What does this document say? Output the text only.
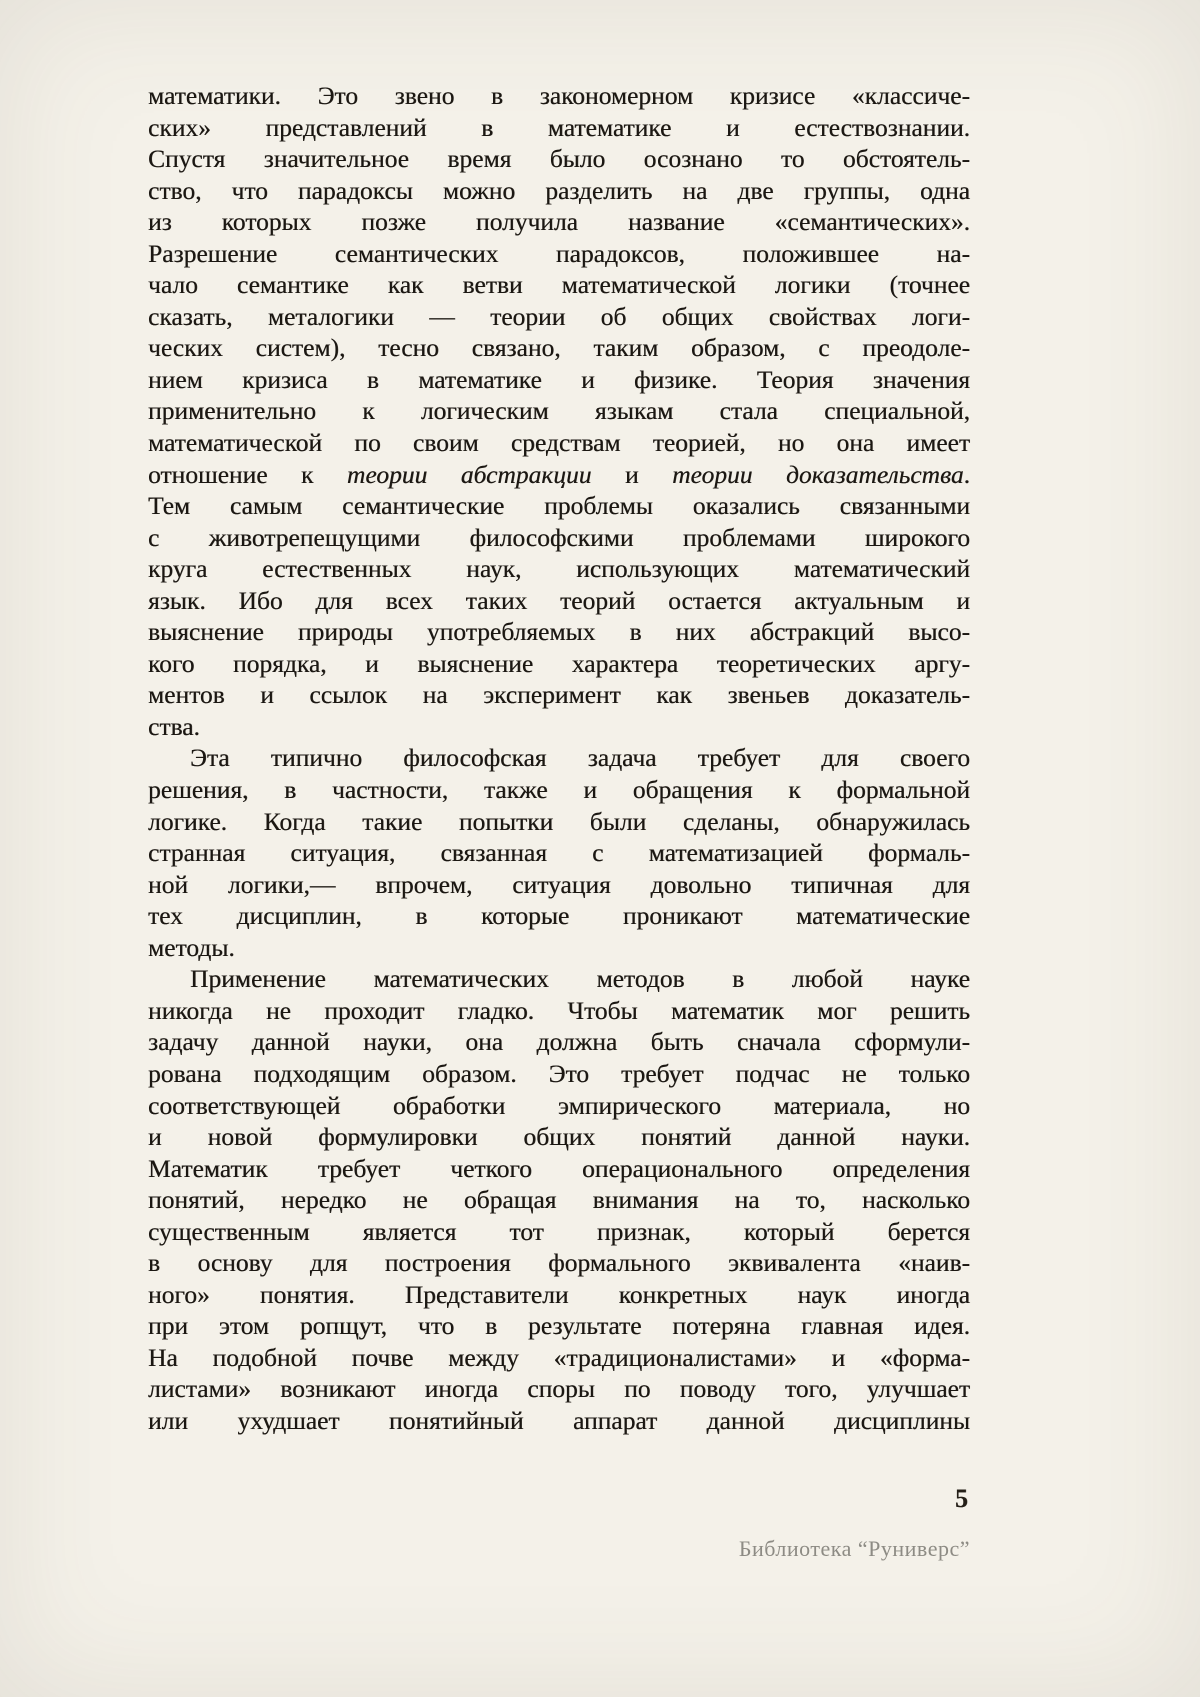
математики. Это звено в закономерном кризисе «классиче-
ских» представлений в математике и естествознании.
Спустя значительное время было осознано то обстоятель-
ство, что парадоксы можно разделить на две группы, одна
из которых позже получила название «семантических».
Разрешение семантических парадоксов, положившее на-
чало семантике как ветви математической логики (точнее
сказать, металогики — теории об общих свойствах логи-
ческих систем), тесно связано, таким образом, с преодоле-
нием кризиса в математике и физике. Теория значения
применительно к логическим языкам стала специальной,
математической по своим средствам теорией, но она имеет
отношение к теории абстракции и теории доказательства.
Тем самым семантические проблемы оказались связанными
с животрепещущими философскими проблемами широкого
круга естественных наук, использующих математический
язык. Ибо для всех таких теорий остается актуальным и
выяснение природы употребляемых в них абстракций высо-
кого порядка, и выяснение характера теоретических аргу-
ментов и ссылок на эксперимент как звеньев доказатель-
ства.
Эта типично философская задача требует для своего
решения, в частности, также и обращения к формальной
логике. Когда такие попытки были сделаны, обнаружилась
странная ситуация, связанная с математизацией формаль-
ной логики,— впрочем, ситуация довольно типичная для
тех дисциплин, в которые проникают математические
методы.
Применение математических методов в любой науке
никогда не проходит гладко. Чтобы математик мог решить
задачу данной науки, она должна быть сначала сформули-
рована подходящим образом. Это требует подчас не только
соответствующей обработки эмпирического материала, но
и новой формулировки общих понятий данной науки.
Математик требует четкого операционального определения
понятий, нередко не обращая внимания на то, насколько
существенным является тот признак, который берется
в основу для построения формального эквивалента «наив-
ного» понятия. Представители конкретных наук иногда
при этом ропщут, что в результате потеряна главная идея.
На подобной почве между «традиционалистами» и «форма-
листами» возникают иногда споры по поводу того, улучшает
или ухудшает понятийный аппарат данной дисциплины
5
Библиотека “Руниверс”
